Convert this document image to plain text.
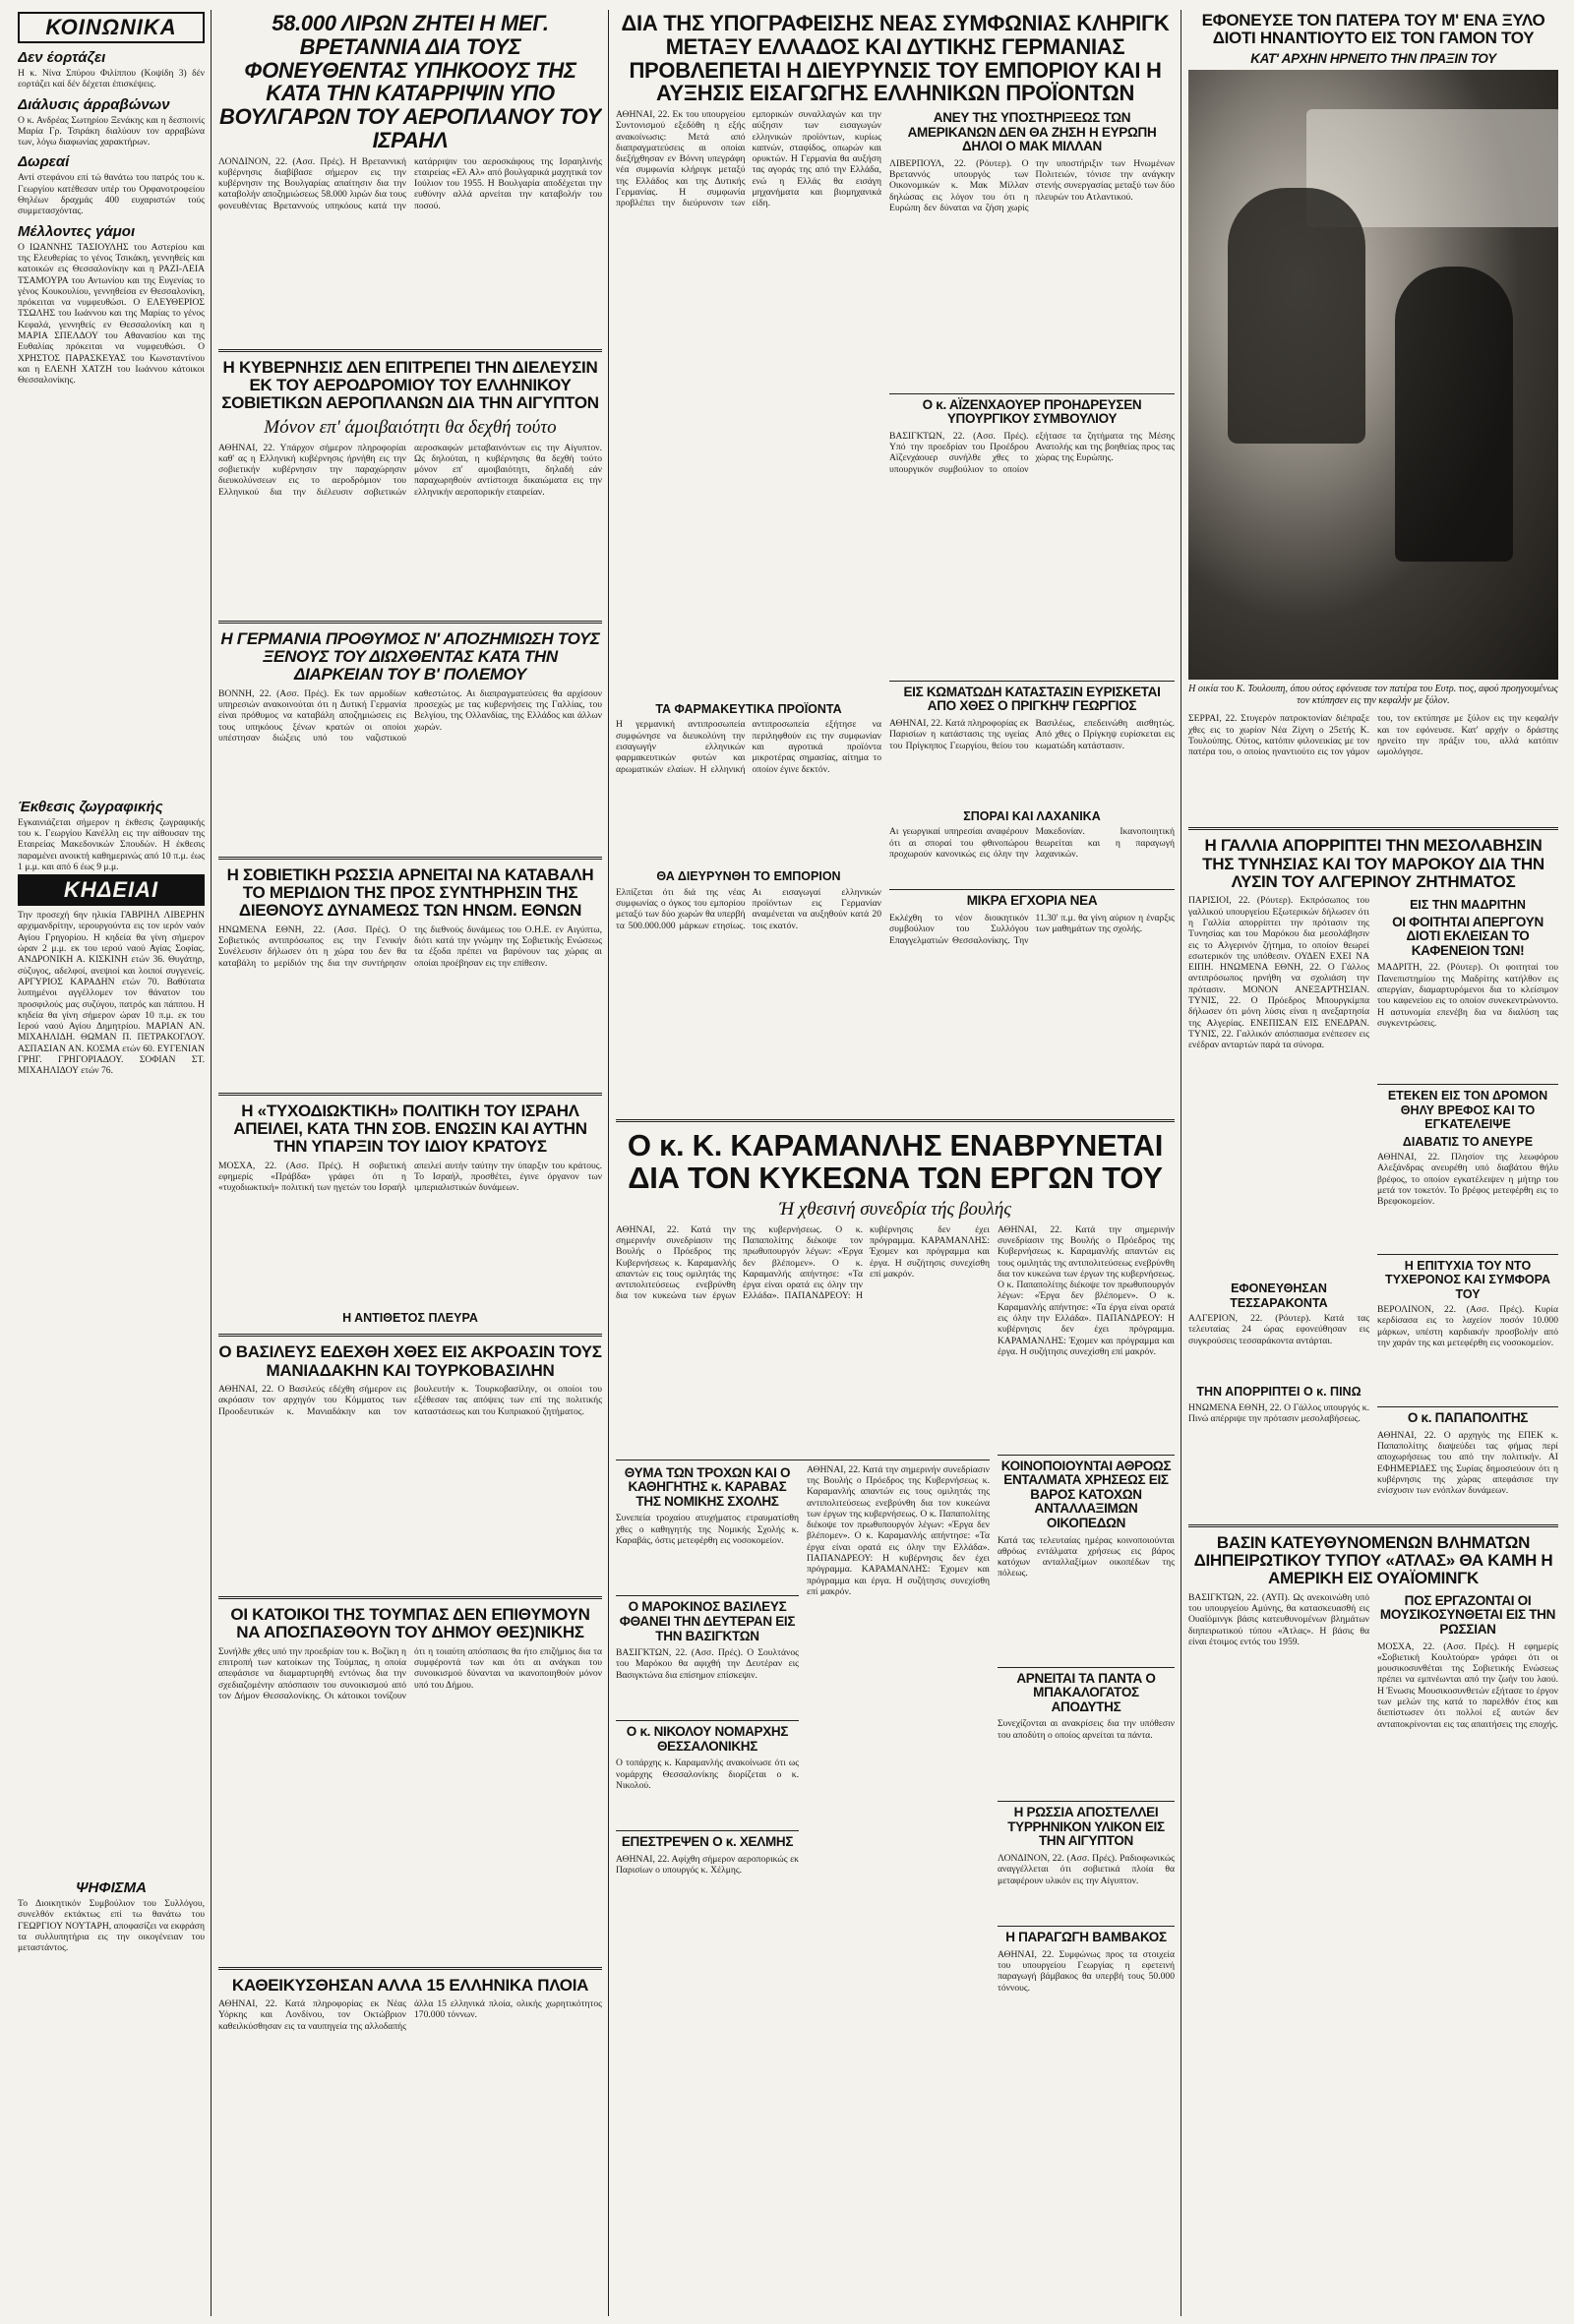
ΚΟΙΝΩΝΙΚΑ
Δεν έορτάζει
Η κ. Νίνα Σπύρου Φιλίππου (Κοψίδη 3) δέν εορτάζει καί δέν δέχεται έπισκέψεις.
Διάλυσις άρραβώνων
Ο κ. Ανδρέας Σωτηρίου Ξενάκης και η δεσποινίς Μαρία Γρ. Τσιράκη διαλύουν τον αρραβώνα των, λόγω διαφωνίας χαρακτήρων.
Δωρεαί
Αντί στεφάνου επί τώ θανάτω του πατρός του κ. Γεωργίου κατέθεσαν υπέρ του Ορφανοτροφείου Θηλέων δραχμάς 400 ευχαριστών τούς συμμετασχόντας.
Μέλλοντες γάμοι
Ο ΙΩΑΝΝΗΣ ΤΑΣΙΟΥΛΗΣ του Αστερίου και της Ελευθερίας το γένος Τσικάκη, γεννηθείς και κατοικών εις Θεσσαλονίκην και η ΡΑΖΙ-ΛΕΙΑ ΤΣΑΜΟΥΡΑ του Αντωνίου και της Ευγενίας το γένος Κουκουλίου, γεννηθείσα εν Θεσσαλονίκη, πρόκειται να νυμφευθώσι. Ο ΕΛΕΥΘΕΡΙΟΣ ΤΣΩΛΗΣ του Ιωάννου και της Μαρίας το γένος Κεφαλά, γεννηθείς εν Θεσσαλονίκη και η ΜΑΡΙΑ ΣΠΕΛΔΟΥ του Αθανασίου και της Ευθαλίας πρόκειται να νυμφευθώσι. Ο ΧΡΗΣΤΟΣ ΠΑΡΑΣΚΕΥΑΣ του Κωνσταντίνου και η ΕΛΕΝΗ ΧΑΤΖΗ του Ιωάννου κάτοικοι Θεσσαλονίκης.
Έκθεσις ζωγραφικής
Εγκαινιάζεται σήμερον η έκθεσις ζωγραφικής του κ. Γεωργίου Κανέλλη εις την αίθουσαν της Εταιρείας Μακεδονικών Σπουδών. Η έκθεσις παραμένει ανοικτή καθημερινώς από 10 π.μ. έως 1 μ.μ. και από 6 έως 9 μ.μ.
ΚΗΔΕΙΑΙ
Την προσεχή 6ην ηλικία ΓΑΒΡΙΗΛ ΛΙΒΕΡΗΝ αρχιμανδρίτην, ιερουργούντα εις τον ιερόν ναόν Αγίου Γρηγορίου. Η κηδεία θα γίνη σήμερον ώραν 2 μ.μ. εκ του ιερού ναού Αγίας Σοφίας. ΑΝΔΡΟΝΙΚΗ Α. ΚΙΣΚΙΝΗ ετών 36. Θυγάτηρ, σύζυγος, αδελφοί, ανεψιοί και λοιποί συγγενείς. ΑΡΓΥΡΙΟΣ ΚΑΡΑΔΗΝ ετών 70. Βαθύτατα λυπημένοι αγγέλλομεν τον θάνατον του προσφιλούς μας συζύγου, πατρός και πάππου. Η κηδεία θα γίνη σήμερον ώραν 10 π.μ. εκ του Ιερού ναού Αγίου Δημητρίου. ΜΑΡΙΑΝ ΑΝ. ΜΙΧΑΗΛΙΔΗ. ΘΩΜΑΝ Π. ΠΕΤΡΑΚΟΓΛΟΥ. ΑΣΠΑΣΙΑΝ ΑΝ. ΚΟΣΜΑ ετών 60. ΕΥΓΕΝΙΑΝ ΓΡΗΓ. ΓΡΗΓΟΡΙΑΔΟΥ. ΣΟΦΙΑΝ ΣΤ. ΜΙΧΑΗΛΙΔΟΥ ετών 76.
ΨΗΦΙΣΜΑ
Το Διοικητικόν Συμβούλιον του Συλλόγου, συνελθόν εκτάκτως επί τω θανάτω του ΓΕΩΡΓΙΟΥ ΝΟΥΤΑΡΗ, αποφασίζει να εκφράση τα συλλυπητήρια εις την οικογένειαν του μεταστάντος.
58.000 ΛΙΡΩΝ ΖΗΤΕΙ Η ΜΕΓ. ΒΡΕΤΑΝΝΙΑ ΔΙΑ ΤΟΥΣ ΦΟΝΕΥΘΕΝΤΑΣ ΥΠΗΚΟΟΥΣ ΤΗΣ ΚΑΤΑ ΤΗΝ ΚΑΤΑΡΡΙΨΙΝ ΥΠΟ ΒΟΥΛΓΑΡΩΝ ΤΟΥ ΑΕΡΟΠΛΑΝΟΥ ΤΟΥ ΙΣΡΑΗΛ
ΛΟΝΔΙΝΟΝ, 22. (Ασσ. Πρές). Η Βρεταννική κυβέρνησις διαβίβασε σήμερον εις την κυβέρνησιν της Βουλγαρίας απαίτησιν δια την καταβολήν αποζημιώσεως 58.000 λιρών δια τους φονευθέντας Βρεταννούς υπηκόους κατά την κατάρριψιν του αεροσκάφους της Ισραηλινής εταιρείας «Ελ Αλ» από βουλγαρικά μαχητικά τον Ιούλιον του 1955. Η Βουλγαρία αποδέχεται την ευθύνην αλλά αρνείται την καταβολήν του ποσού.
Η ΚΥΒΕΡΝΗΣΙΣ ΔΕΝ ΕΠΙΤΡΕΠΕΙ ΤΗΝ ΔΙΕΛΕΥΣΙΝ ΕΚ ΤΟΥ ΑΕΡΟΔΡΟΜΙΟΥ ΤΟΥ ΕΛΛΗΝΙΚΟΥ ΣΟΒΙΕΤΙΚΩΝ ΑΕΡΟΠΛΑΝΩΝ ΔΙΑ ΤΗΝ ΑΙΓΥΠΤΟΝ
Μόνον επ' άμοιβαιότητι θα δεχθή τούτο
ΑΘΗΝΑΙ, 22. Υπάρχον σήμερον πληροφορίαι καθ' ας η Ελληνική κυβέρνησις ήρνήθη εις την σοβιετικήν κυβέρνησιν την παραχώρησιν διευκολύνσεων εις το αεροδρόμιον του Ελληνικού δια την διέλευσιν σοβιετικών αεροσκαφών μεταβαινόντων εις την Αίγυπτον. Ως δηλούται, η κυβέρνησις θα δεχθή τούτο μόνον επ' αμοιβαιότητι, δηλαδή εάν παραχωρηθούν αντίστοιχα δικαιώματα εις την ελληνικήν αεροπορικήν εταιρείαν.
Η ΓΕΡΜΑΝΙΑ ΠΡΟΘΥΜΟΣ Ν' ΑΠΟΖΗΜΙΩΣΗ ΤΟΥΣ ΞΕΝΟΥΣ ΤΟΥ ΔΙΩΧΘΕΝΤΑΣ ΚΑΤΑ ΤΗΝ ΔΙΑΡΚΕΙΑΝ ΤΟΥ Β' ΠΟΛΕΜΟΥ
ΒΟΝΝΗ, 22. (Ασσ. Πρές). Εκ των αρμοδίων υπηρεσιών ανακοινούται ότι η Δυτική Γερμανία είναι πρόθυμος να καταβάλη αποζημιώσεις εις τους υπηκόους ξένων κρατών οι οποίοι υπέστησαν διώξεις υπό του ναζιστικού καθεστώτος. Αι διαπραγματεύσεις θα αρχίσουν προσεχώς με τας κυβερνήσεις της Γαλλίας, του Βελγίου, της Ολλανδίας, της Ελλάδος και άλλων χωρών.
Η ΣΟΒΙΕΤΙΚΗ ΡΩΣΣΙΑ ΑΡΝΕΙΤΑΙ ΝΑ ΚΑΤΑΒΑΛΗ ΤΟ ΜΕΡΙΔΙΟΝ ΤΗΣ ΠΡΟΣ ΣΥΝΤΗΡΗΣΙΝ ΤΗΣ ΔΙΕΘΝΟΥΣ ΔΥΝΑΜΕΩΣ ΤΩΝ ΗΝΩΜ. ΕΘΝΩΝ
ΗΝΩΜΕΝΑ ΕΘΝΗ, 22. (Ασσ. Πρές). Ο Σοβιετικός αντιπρόσωπος εις την Γενικήν Συνέλευσιν δήλωσεν ότι η χώρα του δεν θα καταβάλη το μερίδιόν της δια την συντήρησιν της διεθνούς δυνάμεως του Ο.Η.Ε. εν Αιγύπτω, διότι κατά την γνώμην της Σοβιετικής Ενώσεως τα έξοδα πρέπει να βαρύνουν τας χώρας αι οποίαι προέβησαν εις την επίθεσιν.
Η «ΤΥΧΟΔΙΩΚΤΙΚΗ» ΠΟΛΙΤΙΚΗ ΤΟΥ ΙΣΡΑΗΛ ΑΠΕΙΛΕΙ, ΚΑΤΑ ΤΗΝ ΣΟΒ. ΕΝΩΣΙΝ ΚΑΙ ΑΥΤΗΝ ΤΗΝ ΥΠΑΡΞΙΝ ΤΟΥ ΙΔΙΟΥ ΚΡΑΤΟΥΣ
ΜΟΣΧΑ, 22. (Ασσ. Πρές). Η σοβιετική εφημερίς «Πράβδα» γράφει ότι η «τυχοδιωκτική» πολιτική των ηγετών του Ισραήλ απειλεί αυτήν ταύτην την ύπαρξιν του κράτους. Το Ισραήλ, προσθέτει, έγινε όργανον των ιμπεριαλιστικών δυνάμεων.
Η ΑΝΤΙΘΕΤΟΣ ΠΛΕΥΡΑ
Ο ΒΑΣΙΛΕΥΣ ΕΔΕΧΘΗ ΧΘΕΣ ΕΙΣ ΑΚΡΟΑΣΙΝ ΤΟΥΣ ΜΑΝΙΑΔΑΚΗΝ ΚΑΙ ΤΟΥΡΚΟΒΑΣΙΛΗΝ
ΑΘΗΝΑΙ, 22. Ο Βασιλεύς εδέχθη σήμερον εις ακρόασιν τον αρχηγόν του Κόμματος των Προοδευτικών κ. Μανιαδάκην και τον βουλευτήν κ. Τουρκοβασίλην, οι οποίοι του εξέθεσαν τας απόψεις των επί της πολιτικής καταστάσεως και του Κυπριακού ζητήματος.
ΟΙ ΚΑΤΟΙΚΟΙ ΤΗΣ ΤΟΥΜΠΑΣ ΔΕΝ ΕΠΙΘΥΜΟΥΝ ΝΑ ΑΠΟΣΠΑΣΘΟΥΝ ΤΟΥ ΔΗΜΟΥ ΘΕΣ)ΝΙΚΗΣ
Συνήλθε χθες υπό την προεδρίαν του κ. Βοζίκη η επιτροπή των κατοίκων της Τούμπας, η οποία απεφάσισε να διαμαρτυρηθή εντόνως δια την σχεδιαζομένην απόσπασιν του συνοικισμού από τον Δήμον Θεσσαλονίκης. Οι κάτοικοι τονίζουν ότι η τοιαύτη απόσπασις θα ήτο επιζήμιος δια τα συμφέροντά των και ότι αι ανάγκαι του συνοικισμού δύνανται να ικανοποιηθούν μόνον υπό του Δήμου.
ΚΑΘΕΙΚΥΣΘΗΣΑΝ ΑΛΛΑ 15 ΕΛΛΗΝΙΚΑ ΠΛΟΙΑ
ΑΘΗΝΑΙ, 22. Κατά πληροφορίας εκ Νέας Υόρκης και Λονδίνου, τον Οκτώβριον καθειλκύσθησαν εις τα ναυπηγεία της αλλοδαπής άλλα 15 ελληνικά πλοία, ολικής χωρητικότητος 170.000 τόννων.
ΔΙΑ ΤΗΣ ΥΠΟΓΡΑΦΕΙΣΗΣ ΝΕΑΣ ΣΥΜΦΩΝΙΑΣ ΚΛΗΡΙΓΚ ΜΕΤΑΞΥ ΕΛΛΑΔΟΣ ΚΑΙ ΔΥΤΙΚΗΣ ΓΕΡΜΑΝΙΑΣ ΠΡΟΒΛΕΠΕΤΑΙ Η ΔΙΕΥΡΥΝΣΙΣ ΤΟΥ ΕΜΠΟΡΙΟΥ ΚΑΙ Η ΑΥΞΗΣΙΣ ΕΙΣΑΓΩΓΗΣ ΕΛΛΗΝΙΚΩΝ ΠΡΟΪΟΝΤΩΝ
ΑΘΗΝΑΙ, 22. Εκ του υπουργείου Συντονισμού εξεδόθη η εξής ανακοίνωσις: Μετά από διαπραγματεύσεις αι οποίαι διεξήχθησαν εν Βόννη υπεγράφη νέα συμφωνία κλήριγκ μεταξύ της Ελλάδος και της Δυτικής Γερμανίας. Η συμφωνία προβλέπει την διεύρυνσιν των εμπορικών συναλλαγών και την αύξησιν των εισαγωγών ελληνικών προϊόντων, κυρίως καπνών, σταφίδος, οπωρών και ορυκτών. Η Γερμανία θα αυξήση τας αγοράς της από την Ελλάδα, ενώ η Ελλάς θα εισάγη μηχανήματα και βιομηχανικά είδη.
ΤΑ ΦΑΡΜΑΚΕΥΤΙΚΑ ΠΡΟΪΟΝΤΑ
Η γερμανική αντιπροσωπεία συμφώνησε να διευκολύνη την εισαγωγήν ελληνικών φαρμακευτικών φυτών και αρωματικών ελαίων. Η ελληνική αντιπροσωπεία εξήτησε να περιληφθούν εις την συμφωνίαν και αγροτικά προϊόντα μικροτέρας σημασίας, αίτημα το οποίον έγινε δεκτόν.
ΘΑ ΔΙΕΥΡΥΝΘΗ ΤΟ ΕΜΠΟΡΙΟΝ
Ελπίζεται ότι διά της νέας συμφωνίας ο όγκος του εμπορίου μεταξύ των δύο χωρών θα υπερβή τα 500.000.000 μάρκων ετησίως. Αι εισαγωγαί ελληνικών προϊόντων εις Γερμανίαν αναμένεται να αυξηθούν κατά 20 τοις εκατόν.
ΑΝΕΥ ΤΗΣ ΥΠΟΣΤΗΡΙΞΕΩΣ ΤΩΝ ΑΜΕΡΙΚΑΝΩΝ ΔΕΝ ΘΑ ΖΗΣΗ Η ΕΥΡΩΠΗ ΔΗΛΟΙ Ο ΜΑΚ ΜΙΛΛΑΝ
ΛΙΒΕΡΠΟΥΛ, 22. (Ρόυτερ). Ο Βρεταννός υπουργός των Οικονομικών κ. Μακ Μίλλαν δηλώσας εις λόγον του ότι η Ευρώπη δεν δύναται να ζήση χωρίς την υποστήριξιν των Ηνωμένων Πολιτειών, τόνισε την ανάγκην στενής συνεργασίας μεταξύ των δύο πλευρών του Ατλαντικού.
Ο κ. ΑΪΖΕΝΧΑΟΥΕΡ ΠΡΟΗΔΡΕΥΣΕΝ ΥΠΟΥΡΓΙΚΟΥ ΣΥΜΒΟΥΛΙΟΥ
ΒΑΣΙΓΚΤΩΝ, 22. (Ασσ. Πρές). Υπό την προεδρίαν του Προέδρου Αϊζενχάουερ συνήλθε χθες το υπουργικόν συμβούλιον το οποίον εξήτασε τα ζητήματα της Μέσης Ανατολής και της βοηθείας προς τας χώρας της Ευρώπης.
ΕΙΣ ΚΩΜΑΤΩΔΗ ΚΑΤΑΣΤΑΣΙΝ ΕΥΡΙΣΚΕΤΑΙ ΑΠΟ ΧΘΕΣ Ο ΠΡΙΓΚΗΨ ΓΕΩΡΓΙΟΣ
ΑΘΗΝΑΙ, 22. Κατά πληροφορίας εκ Παρισίων η κατάστασις της υγείας του Πρίγκηπος Γεωργίου, θείου του Βασιλέως, επεδεινώθη αισθητώς. Από χθες ο Πρίγκηψ ευρίσκεται εις κωματώδη κατάστασιν.
ΣΠΟΡΑΙ ΚΑΙ ΛΑΧΑΝΙΚΑ
Αι γεωργικαί υπηρεσίαι αναφέρουν ότι αι σποραί του φθινοπώρου προχωρούν κανονικώς εις όλην την Μακεδονίαν. Ικανοποιητική θεωρείται και η παραγωγή λαχανικών.
ΜΙΚΡΑ ΕΓΧΟΡΙΑ ΝΕΑ
Εκλέχθη το νέον διοικητικόν συμβούλιον του Συλλόγου Επαγγελματιών Θεσσαλονίκης. Την 11.30' π.μ. θα γίνη αύριον η έναρξις των μαθημάτων της σχολής.
Ο κ. Κ. ΚΑΡΑΜΑΝΛΗΣ ΕΝΑΒΡΥΝΕΤΑΙ ΔΙΑ ΤΟΝ ΚΥΚΕΩΝΑ ΤΩΝ ΕΡΓΩΝ ΤΟΥ
Ή χθεσινή συνεδρία τής βουλής
ΑΘΗΝΑΙ, 22. Κατά την σημερινήν συνεδρίασιν της Βουλής ο Πρόεδρος της Κυβερνήσεως κ. Καραμανλής απαντών εις τους ομιλητάς της αντιπολιτεύσεως ενεβρύνθη δια τον κυκεώνα των έργων της κυβερνήσεως. Ο κ. Παπαπολίτης διέκοψε τον πρωθυπουργόν λέγων: «Έργα δεν βλέπομεν». Ο κ. Καραμανλής απήντησε: «Τα έργα είναι ορατά εις όλην την Ελλάδα». ΠΑΠΑΝΔΡΕΟΥ: Η κυβέρνησις δεν έχει πρόγραμμα. ΚΑΡΑΜΑΝΛΗΣ: Έχομεν και πρόγραμμα και έργα. Η συζήτησις συνεχίσθη επί μακρόν.
ΘΥΜΑ ΤΩΝ ΤΡΟΧΩΝ ΚΑΙ Ο ΚΑΘΗΓΗΤΗΣ κ. ΚΑΡΑΒΑΣ ΤΗΣ ΝΟΜΙΚΗΣ ΣΧΟΛΗΣ
Συνεπεία τροχαίου ατυχήματος ετραυματίσθη χθες ο καθηγητής της Νομικής Σχολής κ. Καραβάς, όστις μετεφέρθη εις νοσοκομείον.
Ο ΜΑΡΟΚΙΝΟΣ ΒΑΣΙΛΕΥΣ ΦΘΑΝΕΙ ΤΗΝ ΔΕΥΤΕΡΑΝ ΕΙΣ ΤΗΝ ΒΑΣΙΓΚΤΩΝ
ΒΑΣΙΓΚΤΩΝ, 22. (Ασσ. Πρές). Ο Σουλτάνος του Μαρόκου θα αφιχθή την Δευτέραν εις Βασιγκτώνα δια επίσημον επίσκεψιν.
Ο κ. ΝΙΚΟΛΟΥ ΝΟΜΑΡΧΗΣ ΘΕΣΣΑΛΟΝΙΚΗΣ
Ο τοπάρχης κ. Καραμανλής ανακοίνωσε ότι ως νομάρχης Θεσσαλονίκης διορίζεται ο κ. Νικολού.
ΕΠΕΣΤΡΕΨΕΝ Ο κ. ΧΕΛΜΗΣ
ΑΘΗΝΑΙ, 22. Αφίχθη σήμερον αεροπορικώς εκ Παρισίων ο υπουργός κ. Χέλμης.
ΑΘΗΝΑΙ, 22. Κατά την σημερινήν συνεδρίασιν της Βουλής ο Πρόεδρος της Κυβερνήσεως κ. Καραμανλής απαντών εις τους ομιλητάς της αντιπολιτεύσεως ενεβρύνθη δια τον κυκεώνα των έργων της κυβερνήσεως. Ο κ. Παπαπολίτης διέκοψε τον πρωθυπουργόν λέγων: «Έργα δεν βλέπομεν». Ο κ. Καραμανλής απήντησε: «Τα έργα είναι ορατά εις όλην την Ελλάδα». ΠΑΠΑΝΔΡΕΟΥ: Η κυβέρνησις δεν έχει πρόγραμμα. ΚΑΡΑΜΑΝΛΗΣ: Έχομεν και πρόγραμμα και έργα. Η συζήτησις συνεχίσθη επί μακρόν.
ΑΘΗΝΑΙ, 22. Κατά την σημερινήν συνεδρίασιν της Βουλής ο Πρόεδρος της Κυβερνήσεως κ. Καραμανλής απαντών εις τους ομιλητάς της αντιπολιτεύσεως ενεβρύνθη δια τον κυκεώνα των έργων της κυβερνήσεως. Ο κ. Παπαπολίτης διέκοψε τον πρωθυπουργόν λέγων: «Έργα δεν βλέπομεν». Ο κ. Καραμανλής απήντησε: «Τα έργα είναι ορατά εις όλην την Ελλάδα». ΠΑΠΑΝΔΡΕΟΥ: Η κυβέρνησις δεν έχει πρόγραμμα. ΚΑΡΑΜΑΝΛΗΣ: Έχομεν και πρόγραμμα και έργα. Η συζήτησις συνεχίσθη επί μακρόν.
ΚΟΙΝΟΠΟΙΟΥΝΤΑΙ ΑΘΡΟΩΣ ΕΝΤΑΛΜΑΤΑ ΧΡΗΣΕΩΣ ΕΙΣ ΒΑΡΟΣ ΚΑΤΟΧΩΝ ΑΝΤΑΛΛΑΞΙΜΩΝ ΟΙΚΟΠΕΔΩΝ
Κατά τας τελευταίας ημέρας κοινοποιούνται αθρόως εντάλματα χρήσεως εις βάρος κατόχων ανταλλαξίμων οικοπέδων της πόλεως.
ΑΡΝΕΙΤΑΙ ΤΑ ΠΑΝΤΑ Ο ΜΠΑΚΑΛΟΓΑΤΟΣ ΑΠΟΔΥΤΗΣ
Συνεχίζονται αι ανακρίσεις δια την υπόθεσιν του αποδύτη ο οποίος αρνείται τα πάντα.
Η ΡΩΣΣΙΑ ΑΠΟΣΤΕΛΛΕΙ ΤΥΡΡΗΝΙΚΟΝ ΥΛΙΚΟΝ ΕΙΣ ΤΗΝ ΑΙΓΥΠΤΟΝ
ΛΟΝΔΙΝΟΝ, 22. (Ασσ. Πρές). Ραδιοφωνικώς αναγγέλλεται ότι σοβιετικά πλοία θα μεταφέρουν υλικόν εις την Αίγυπτον.
Η ΠΑΡΑΓΩΓΗ ΒΑΜΒΑΚΟΣ
ΑΘΗΝΑΙ, 22. Συμφώνως προς τα στοιχεία του υπουργείου Γεωργίας η εφετεινή παραγωγή βάμβακος θα υπερβή τους 50.000 τόννους.
ΕΦΟΝΕΥΣΕ ΤΟΝ ΠΑΤΕΡΑ ΤΟΥ Μ' ΕΝΑ ΞΥΛΟ ΔΙΟΤΙ ΗΝΑΝΤΙΟΥΤΟ ΕΙΣ ΤΟΝ ΓΑΜΟΝ ΤΟΥ
ΚΑΤ' ΑΡΧΗΝ ΗΡΝΕΙΤΟ ΤΗΝ ΠΡΑΞΙΝ ΤΟΥ
Η οικία του Κ. Τουλουπη, όπου ούτος εφόνευσε τον πατέρα του Ευτρ. τιος, αφού προηγουμένως τον κτύπησεν εις την κεφαλήν με ξύλον.
ΣΕΡΡΑΙ, 22. Στυγερόν πατροκτονίαν διέπραξε χθες εις το χωρίον Νέα Ζίχνη ο 25ετής Κ. Τουλούπης. Ούτος, κατόπιν φιλονεικίας με τον πατέρα του, ο οποίος ηναντιούτο εις τον γάμον του, τον εκτύπησε με ξύλον εις την κεφαλήν και τον εφόνευσε. Κατ' αρχήν ο δράστης ηρνείτο την πράξιν του, αλλά κατόπιν ωμολόγησε.
Η ΓΑΛΛΙΑ ΑΠΟΡΡΙΠΤΕΙ ΤΗΝ ΜΕΣΟΛΑΒΗΣΙΝ ΤΗΣ ΤΥΝΗΣΙΑΣ ΚΑΙ ΤΟΥ ΜΑΡΟΚΟΥ ΔΙΑ ΤΗΝ ΛΥΣΙΝ ΤΟΥ ΑΛΓΕΡΙΝΟΥ ΖΗΤΗΜΑΤΟΣ
ΠΑΡΙΣΙΟΙ, 22. (Ρόυτερ). Εκπρόσωπος του γαλλικού υπουργείου Εξωτερικών δήλωσεν ότι η Γαλλία απορρίπτει την πρότασιν της Τυνησίας και του Μαρόκου δια μεσολάβησιν εις το Αλγερινόν ζήτημα, το οποίον θεωρεί εσωτερικόν της υπόθεσιν. ΟΥΔΕΝ ΕΧΕΙ ΝΑ ΕΙΠΗ. ΗΝΩΜΕΝΑ ΕΘΝΗ, 22. Ο Γάλλος αντιπρόσωπος ηρνήθη να σχολιάση την πρότασιν. ΜΟΝΟΝ ΑΝΕΞΑΡΤΗΣΙΑΝ. ΤΥΝΙΣ, 22. Ο Πρόεδρος Μπουργκίμπα δήλωσεν ότι μόνη λύσις είναι η ανεξαρτησία της Αλγερίας. ΕΝΕΠΙΣΑΝ ΕΙΣ ΕΝΕΔΡΑΝ. ΤΥΝΙΣ, 22. Γαλλικόν απόσπασμα ενέπεσεν εις ενέδραν ανταρτών παρά τα σύνορα.
ΕΦΟΝΕΥΘΗΣΑΝ ΤΕΣΣΑΡΑΚΟΝΤΑ
ΑΛΓΕΡΙΟΝ, 22. (Ρόυτερ). Κατά τας τελευταίας 24 ώρας εφονεύθησαν εις συγκρούσεις τεσσαράκοντα αντάρται.
ΤΗΝ ΑΠΟΡΡΙΠΤΕΙ Ο κ. ΠΙΝΩ
ΗΝΩΜΕΝΑ ΕΘΝΗ, 22. Ο Γάλλος υπουργός κ. Πινώ απέρριψε την πρότασιν μεσολαβήσεως.
ΕΙΣ ΤΗΝ ΜΑΔΡΙΤΗΝ
ΟΙ ΦΟΙΤΗΤΑΙ ΑΠΕΡΓΟΥΝ ΔΙΟΤΙ ΕΚΛΕΙΣΑΝ ΤΟ ΚΑΦΕΝΕΙΟΝ ΤΩΝ!
ΜΑΔΡΙΤΗ, 22. (Ρόυτερ). Οι φοιτηταί του Πανεπιστημίου της Μαδρίτης κατήλθον εις απεργίαν, διαμαρτυρόμενοι δια το κλείσιμον του καφενείου εις το οποίον συνεκεντρώνοντο. Η αστυνομία επενέβη δια να διαλύση τας συγκεντρώσεις.
ΕΤΕΚΕΝ ΕΙΣ ΤΟΝ ΔΡΟΜΟΝ ΘΗΛΥ ΒΡΕΦΟΣ ΚΑΙ ΤΟ ΕΓΚΑΤΕΛΕΙΨΕ
ΔΙΑΒΑΤΙΣ ΤΟ ΑΝΕΥΡΕ
ΑΘΗΝΑΙ, 22. Πλησίον της λεωφόρου Αλεξάνδρας ανευρέθη υπό διαβάτου θήλυ βρέφος, το οποίον εγκατέλειψεν η μήτηρ του μετά τον τοκετόν. Το βρέφος μετεφέρθη εις το Βρεφοκομείον.
Η ΕΠΙΤΥΧΙΑ ΤΟΥ ΝΤΟ ΤΥΧΕΡΟΝΟΣ ΚΑΙ ΣΥΜΦΟΡΑ ΤΟΥ
ΒΕΡΟΛΙΝΟΝ, 22. (Ασσ. Πρές). Κυρία κερδίσασα εις το λαχείον ποσόν 10.000 μάρκων, υπέστη καρδιακήν προσβολήν από την χαράν της και μετεφέρθη εις νοσοκομείον.
Ο κ. ΠΑΠΑΠΟΛΙΤΗΣ
ΑΘΗΝΑΙ, 22. Ο αρχηγός της ΕΠΕΚ κ. Παπαπολίτης διαψεύδει τας φήμας περί αποχωρήσεως του από την πολιτικήν. ΑΙ ΕΦΗΜΕΡΙΔΕΣ της Συρίας δημοσιεύουν ότι η κυβέρνησις της χώρας απεφάσισε την ενίσχυσιν των ενόπλων δυνάμεων.
ΒΑΣΙΝ ΚΑΤΕΥΘΥΝΟΜΕΝΩΝ ΒΛΗΜΑΤΩΝ ΔΙΗΠΕΙΡΩΤΙΚΟΥ ΤΥΠΟΥ «ΑΤΛΑΣ» ΘΑ ΚΑΜΗ Η ΑΜΕΡΙΚΗ ΕΙΣ ΟΥΑΪΟΜΙΝΓΚ
ΒΑΣΙΓΚΤΩΝ, 22. (ΑΥΠ). Ως ανεκοινώθη υπό του υπουργείου Αμύνης, θα κατασκευασθή εις Ουαϊόμινγκ βάσις κατευθυνομένων βλημάτων διηπειρωτικού τύπου «Άτλας». Η βάσις θα είναι έτοιμος εντός του 1959.
ΠΟΣ ΕΡΓΑΖΟΝΤΑΙ ΟΙ ΜΟΥΣΙΚΟΣΥΝΘΕΤΑΙ ΕΙΣ ΤΗΝ ΡΩΣΣΙΑΝ
ΜΟΣΧΑ, 22. (Ασσ. Πρές). Η εφημερίς «Σοβιετική Κουλτούρα» γράφει ότι οι μουσικοσυνθέται της Σοβιετικής Ενώσεως πρέπει να εμπνέωνται από την ζωήν του λαού. Η Ένωσις Μουσικοσυνθετών εξήτασε το έργον των μελών της κατά το παρελθόν έτος και διεπίστωσεν ότι πολλοί εξ αυτών δεν ανταποκρίνονται εις τας απαιτήσεις της εποχής.
